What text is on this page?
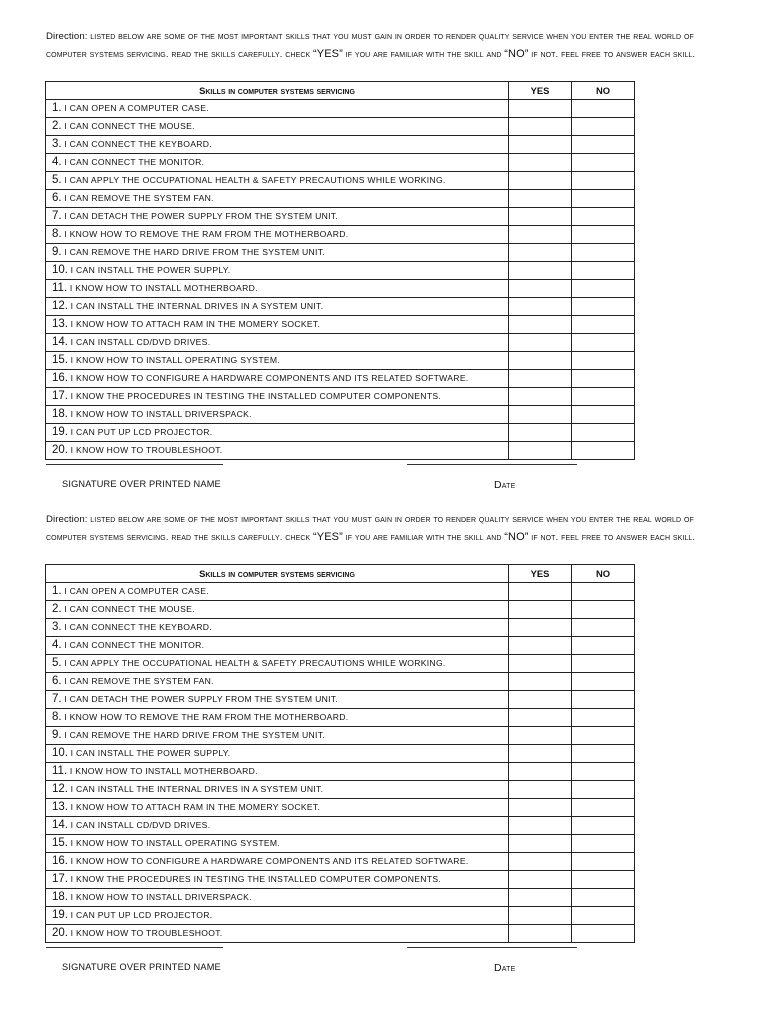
Direction: listed below are some of the most important skills that you must gain in order to render quality service when you enter the real world of computer systems servicing. read the skills carefully. check “YES” if you are familiar with the skill and “NO” if not. feel free to answer each skill.
Skills in computer systems servicing	YES	NO
1. I CAN OPEN A COMPUTER CASE.		
2. I CAN CONNECT THE MOUSE.		
3. I CAN CONNECT THE KEYBOARD.		
4. I CAN CONNECT THE MONITOR.		
5. I CAN APPLY THE OCCUPATIONAL HEALTH & SAFETY PRECAUTIONS WHILE WORKING.		
6. I CAN REMOVE THE SYSTEM FAN.		
7. I CAN DETACH THE POWER SUPPLY FROM THE SYSTEM UNIT.		
8. I KNOW HOW TO REMOVE THE RAM FROM THE MOTHERBOARD.		
9. I CAN REMOVE THE HARD DRIVE FROM THE SYSTEM UNIT.		
10. I CAN INSTALL THE POWER SUPPLY.		
11. I KNOW HOW TO INSTALL MOTHERBOARD.		
12. I CAN INSTALL THE INTERNAL DRIVES IN A SYSTEM UNIT.		
13. I KNOW HOW TO ATTACH RAM IN THE MOMERY SOCKET.		
14. I CAN INSTALL CD/DVD DRIVES.		
15. I KNOW HOW TO INSTALL OPERATING SYSTEM.		
16. I KNOW HOW TO CONFIGURE A HARDWARE COMPONENTS AND ITS RELATED SOFTWARE.		
17. I KNOW THE PROCEDURES IN TESTING THE INSTALLED COMPUTER COMPONENTS.		
18. I KNOW HOW TO INSTALL DRIVERSPACK.		
19. I CAN PUT UP LCD PROJECTOR.		
20. I KNOW HOW TO TROUBLESHOOT.		
SIGNATURE OVER PRINTED NAME	Date
Direction: listed below are some of the most important skills that you must gain in order to render quality service when you enter the real world of computer systems servicing. read the skills carefully. check “YES” if you are familiar with the skill and “NO” if not. feel free to answer each skill.
Skills in computer systems servicing	YES	NO
1. I CAN OPEN A COMPUTER CASE.		
2. I CAN CONNECT THE MOUSE.		
3. I CAN CONNECT THE KEYBOARD.		
4. I CAN CONNECT THE MONITOR.		
5. I CAN APPLY THE OCCUPATIONAL HEALTH & SAFETY PRECAUTIONS WHILE WORKING.		
6. I CAN REMOVE THE SYSTEM FAN.		
7. I CAN DETACH THE POWER SUPPLY FROM THE SYSTEM UNIT.		
8. I KNOW HOW TO REMOVE THE RAM FROM THE MOTHERBOARD.		
9. I CAN REMOVE THE HARD DRIVE FROM THE SYSTEM UNIT.		
10. I CAN INSTALL THE POWER SUPPLY.		
11. I KNOW HOW TO INSTALL MOTHERBOARD.		
12. I CAN INSTALL THE INTERNAL DRIVES IN A SYSTEM UNIT.		
13. I KNOW HOW TO ATTACH RAM IN THE MOMERY SOCKET.		
14. I CAN INSTALL CD/DVD DRIVES.		
15. I KNOW HOW TO INSTALL OPERATING SYSTEM.		
16. I KNOW HOW TO CONFIGURE A HARDWARE COMPONENTS AND ITS RELATED SOFTWARE.		
17. I KNOW THE PROCEDURES IN TESTING THE INSTALLED COMPUTER COMPONENTS.		
18. I KNOW HOW TO INSTALL DRIVERSPACK.		
19. I CAN PUT UP LCD PROJECTOR.		
20. I KNOW HOW TO TROUBLESHOOT.		
SIGNATURE OVER PRINTED NAME	Date
